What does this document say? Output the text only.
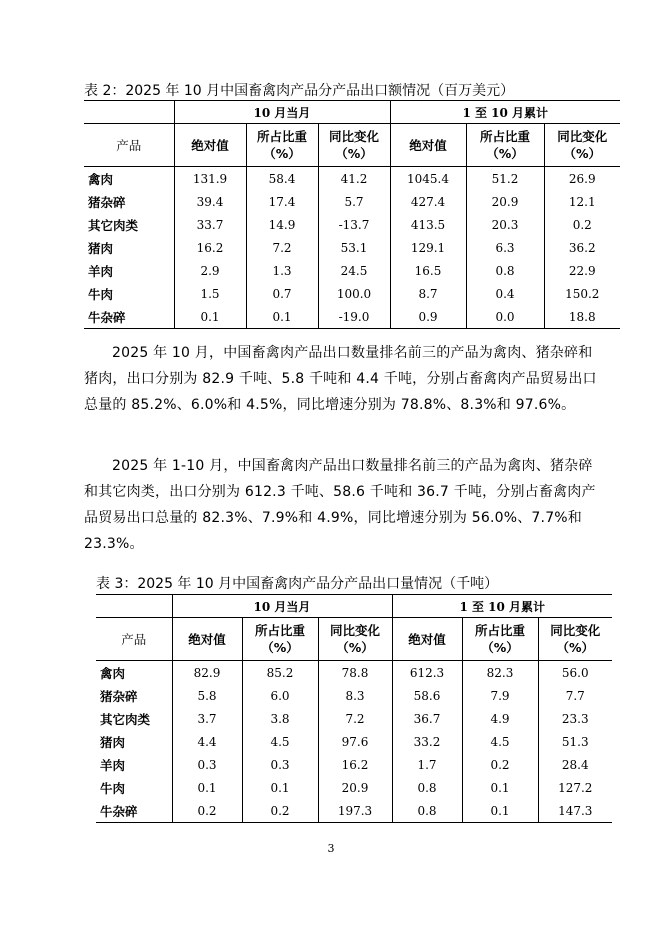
表 2：2025 年 10 月中国畜禽肉产品分产品出口额情况（百万美元）
	10 月当月			1 至 10 月累计		
产品	绝对值	所占比重（%）	同比变化（%）	绝对值	所占比重（%）	同比变化（%）
禽肉	131.9	58.4	41.2	1045.4	51.2	26.9
猪杂碎	39.4	17.4	5.7	427.4	20.9	12.1
其它肉类	33.7	14.9	-13.7	413.5	20.3	0.2
猪肉	16.2	7.2	53.1	129.1	6.3	36.2
羊肉	2.9	1.3	24.5	16.5	0.8	22.9
牛肉	1.5	0.7	100.0	8.7	0.4	150.2
牛杂碎	0.1	0.1	-19.0	0.9	0.0	18.8
2025 年 10 月，中国畜禽肉产品出口数量排名前三的产品为禽肉、猪杂碎和猪肉，出口分别为 82.9 千吨、5.8 千吨和 4.4 千吨，分别占畜禽肉产品贸易出口总量的 85.2%、6.0%和 4.5%，同比增速分别为 78.8%、8.3%和 97.6%。
2025 年 1-10 月，中国畜禽肉产品出口数量排名前三的产品为禽肉、猪杂碎和其它肉类，出口分别为 612.3 千吨、58.6 千吨和 36.7 千吨，分别占畜禽肉产品贸易出口总量的 82.3%、7.9%和 4.9%，同比增速分别为 56.0%、7.7%和 23.3%。
表 3：2025 年 10 月中国畜禽肉产品分产品出口量情况（千吨）
	10 月当月			1 至 10 月累计		
产品	绝对值	所占比重（%）	同比变化（%）	绝对值	所占比重（%）	同比变化（%）
禽肉	82.9	85.2	78.8	612.3	82.3	56.0
猪杂碎	5.8	6.0	8.3	58.6	7.9	7.7
其它肉类	3.7	3.8	7.2	36.7	4.9	23.3
猪肉	4.4	4.5	97.6	33.2	4.5	51.3
羊肉	0.3	0.3	16.2	1.7	0.2	28.4
牛肉	0.1	0.1	20.9	0.8	0.1	127.2
牛杂碎	0.2	0.2	197.3	0.8	0.1	147.3
3
